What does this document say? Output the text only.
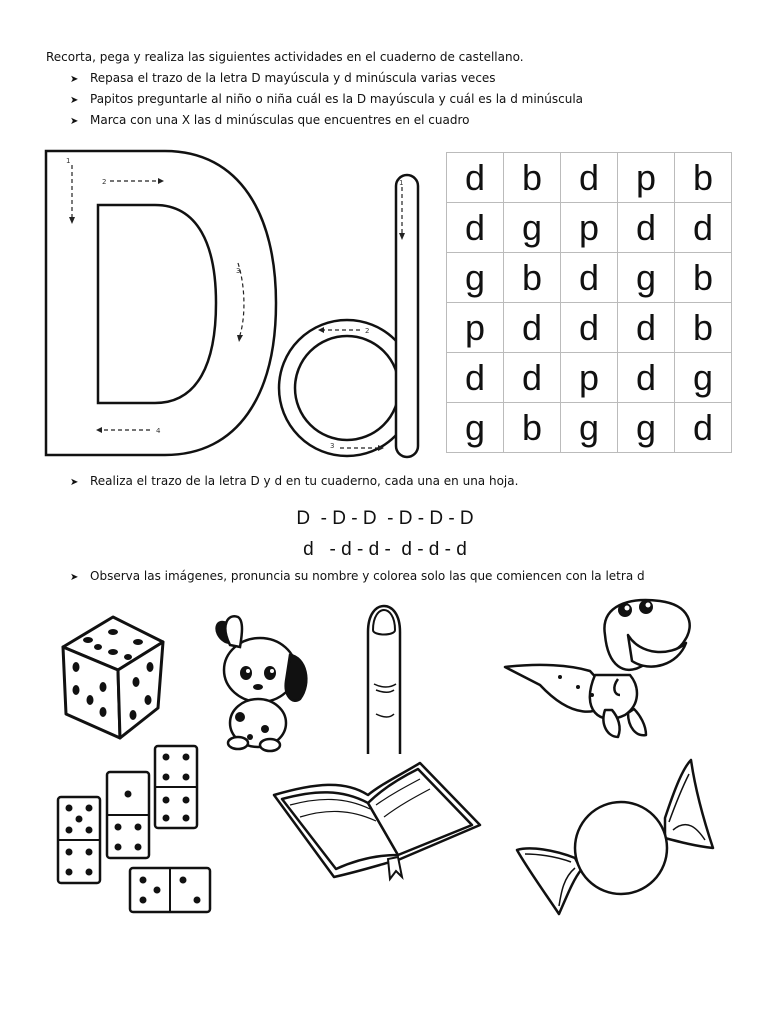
Recorta, pega y realiza las siguientes actividades en el cuaderno de castellano.
➤ Repasa el trazo de la letra D mayúscula y d minúscula varias veces
➤ Papitos preguntarle al niño o niña cuál es la D mayúscula y cuál es la d minúscula
➤ Marca con una X las d minúsculas que encuentres en el cuadro
1
2
3
4
1
2
3
d	b	d	p	b
d	g	p	d	d
g	b	d	g	b
p	d	d	d	b
d	d	p	d	g
g	b	g	g	d
➤ Realiza el trazo de la letra D y d en tu cuaderno, cada una en una hoja.
D  - D - D  - D - D - D
d   - d - d -  d - d - d
➤ Observa las imágenes, pronuncia su nombre y colorea solo las que comiencen con la letra d
